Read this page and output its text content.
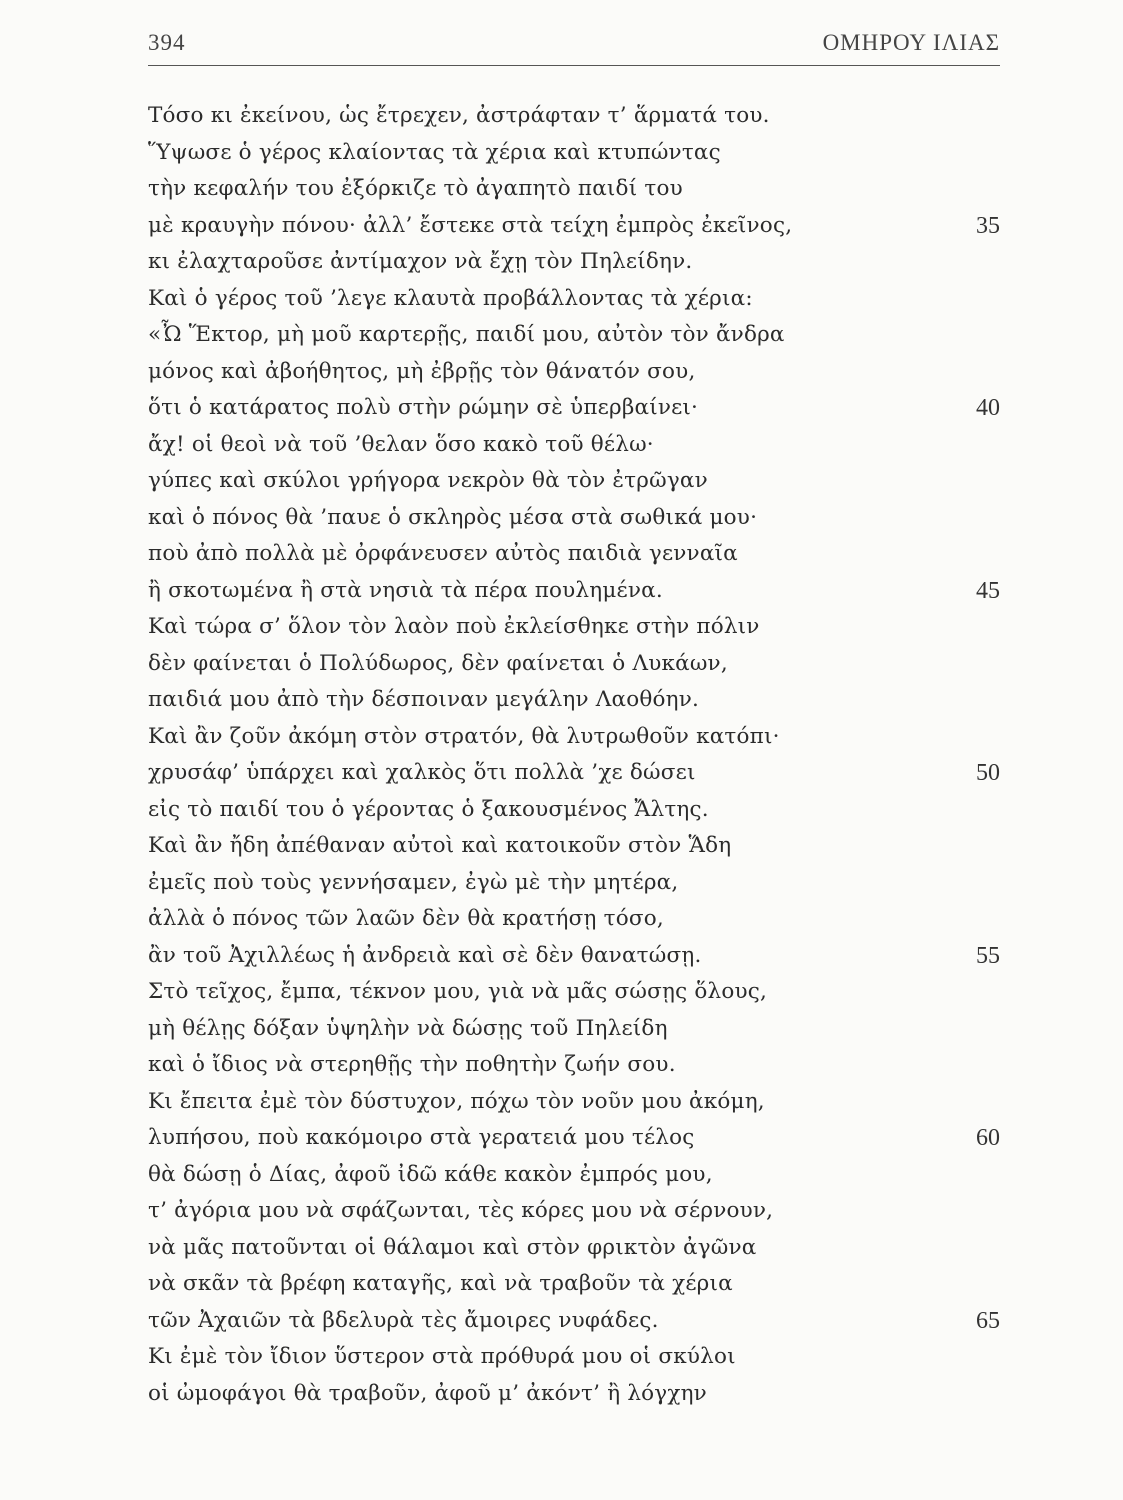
394	ΟΜΗΡΟΥ ΙΛΙΑΣ
Τόσο κι ἐκείνου, ὡς ἔτρεχεν, ἀστράφταν τ’ ἅρματά του.
Ὕψωσε ὁ γέρος κλαίοντας τὰ χέρια καὶ κτυπώντας
τὴν κεφαλήν του ἐξόρκιζε τὸ ἀγαπητὸ παιδί του
μὲ κραυγὴν πόνου· ἀλλ’ ἔστεκε στὰ τείχη ἐμπρὸς ἐκεῖνος,	35
κι ἐλαχταροῦσε ἀντίμαχον νὰ ἔχῃ τὸν Πηλείδην.
Καὶ ὁ γέρος τοῦ ’λεγε κλαυτὰ προβάλλοντας τὰ χέρια:
«Ὦ Ἕκτορ, μὴ μοῦ καρτερῇς, παιδί μου, αὐτὸν τὸν ἄνδρα
μόνος καὶ ἀβοήθητος, μὴ ἐβρῇς τὸν θάνατόν σου,
ὅτι ὁ κατάρατος πολὺ στὴν ρώμην σὲ ὑπερβαίνει·	40
ἄχ! οἱ θεοὶ νὰ τοῦ ’θελαν ὅσο κακὸ τοῦ θέλω·
γύπες καὶ σκύλοι γρήγορα νεκρὸν θὰ τὸν ἐτρῶγαν
καὶ ὁ πόνος θὰ ’παυε ὁ σκληρὸς μέσα στὰ σωθικά μου·
ποὺ ἀπὸ πολλὰ μὲ ὀρφάνευσεν αὐτὸς παιδιὰ γενναῖα
ἢ σκοτωμένα ἢ στὰ νησιὰ τὰ πέρα πουλημένα.	45
Καὶ τώρα σ’ ὅλον τὸν λαὸν ποὺ ἐκλείσθηκε στὴν πόλιν
δὲν φαίνεται ὁ Πολύδωρος, δὲν φαίνεται ὁ Λυκάων,
παιδιά μου ἀπὸ τὴν δέσποιναν μεγάλην Λαοθόην.
Καὶ ἂν ζοῦν ἀκόμη στὸν στρατόν, θὰ λυτρωθοῦν κατόπι·
χρυσάφ’ ὑπάρχει καὶ χαλκὸς ὅτι πολλὰ ’χε δώσει	50
εἰς τὸ παιδί του ὁ γέροντας ὁ ξακουσμένος Ἄλτης.
Καὶ ἂν ἤδη ἀπέθαναν αὐτοὶ καὶ κατοικοῦν στὸν Ἅδη
ἐμεῖς ποὺ τοὺς γεννήσαμεν, ἐγὼ μὲ τὴν μητέρα,
ἀλλὰ ὁ πόνος τῶν λαῶν δὲν θὰ κρατήσῃ τόσο,
ἂν τοῦ Ἀχιλλέως ἡ ἀνδρειὰ καὶ σὲ δὲν θανατώσῃ.	55
Στὸ τεῖχος, ἔμπα, τέκνον μου, γιὰ νὰ μᾶς σώσῃς ὅλους,
μὴ θέλῃς δόξαν ὑψηλὴν νὰ δώσῃς τοῦ Πηλείδη
καὶ ὁ ἴδιος νὰ στερηθῇς τὴν ποθητὴν ζωήν σου.
Κι ἔπειτα ἐμὲ τὸν δύστυχον, πόχω τὸν νοῦν μου ἀκόμη,
λυπήσου, ποὺ κακόμοιρο στὰ γερατειά μου τέλος	60
θὰ δώσῃ ὁ Δίας, ἀφοῦ ἰδῶ κάθε κακὸν ἐμπρός μου,
τ’ ἀγόρια μου νὰ σφάζωνται, τὲς κόρες μου νὰ σέρνουν,
νὰ μᾶς πατοῦνται οἱ θάλαμοι καὶ στὸν φρικτὸν ἀγῶνα
νὰ σκᾶν τὰ βρέφη καταγῆς, καὶ νὰ τραβοῦν τὰ χέρια
τῶν Ἀχαιῶν τὰ βδελυρὰ τὲς ἄμοιρες νυφάδες.	65
Κι ἐμὲ τὸν ἴδιον ὕστερον στὰ πρόθυρά μου οἱ σκύλοι
οἱ ὠμοφάγοι θὰ τραβοῦν, ἀφοῦ μ’ ἀκόντ’ ἢ λόγχην
